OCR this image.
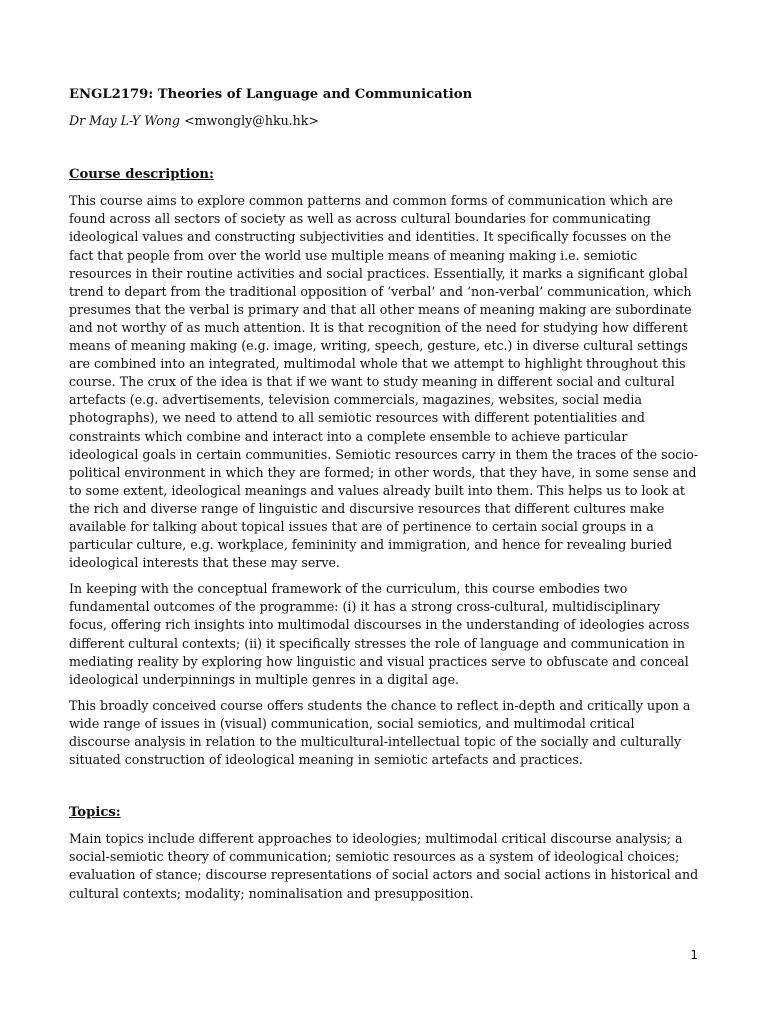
ENGL2179: Theories of Language and Communication

Dr May L-Y Wong <mwongly@hku.hk>

Course description:

This course aims to explore common patterns and common forms of communication which are found across all sectors of society as well as across cultural boundaries for communicating ideological values and constructing subjectivities and identities. It specifically focusses on the fact that people from over the world use multiple means of meaning making i.e. semiotic resources in their routine activities and social practices. Essentially, it marks a significant global trend to depart from the traditional opposition of ‘verbal’ and ‘non-verbal’ communication, which presumes that the verbal is primary and that all other means of meaning making are subordinate and not worthy of as much attention. It is that recognition of the need for studying how different means of meaning making (e.g. image, writing, speech, gesture, etc.) in diverse cultural settings are combined into an integrated, multimodal whole that we attempt to highlight throughout this course. The crux of the idea is that if we want to study meaning in different social and cultural artefacts (e.g. advertisements, television commercials, magazines, websites, social media photographs), we need to attend to all semiotic resources with different potentialities and constraints which combine and interact into a complete ensemble to achieve particular ideological goals in certain communities. Semiotic resources carry in them the traces of the socio-political environment in which they are formed; in other words, that they have, in some sense and to some extent, ideological meanings and values already built into them. This helps us to look at the rich and diverse range of linguistic and discursive resources that different cultures make available for talking about topical issues that are of pertinence to certain social groups in a particular culture, e.g. workplace, femininity and immigration, and hence for revealing buried ideological interests that these may serve.

In keeping with the conceptual framework of the curriculum, this course embodies two fundamental outcomes of the programme: (i) it has a strong cross-cultural, multidisciplinary focus, offering rich insights into multimodal discourses in the understanding of ideologies across different cultural contexts; (ii) it specifically stresses the role of language and communication in mediating reality by exploring how linguistic and visual practices serve to obfuscate and conceal ideological underpinnings in multiple genres in a digital age.

This broadly conceived course offers students the chance to reflect in-depth and critically upon a wide range of issues in (visual) communication, social semiotics, and multimodal critical discourse analysis in relation to the multicultural-intellectual topic of the socially and culturally situated construction of ideological meaning in semiotic artefacts and practices.

Topics:

Main topics include different approaches to ideologies; multimodal critical discourse analysis; a social-semiotic theory of communication; semiotic resources as a system of ideological choices; evaluation of stance; discourse representations of social actors and social actions in historical and cultural contexts; modality; nominalisation and presupposition.

1
